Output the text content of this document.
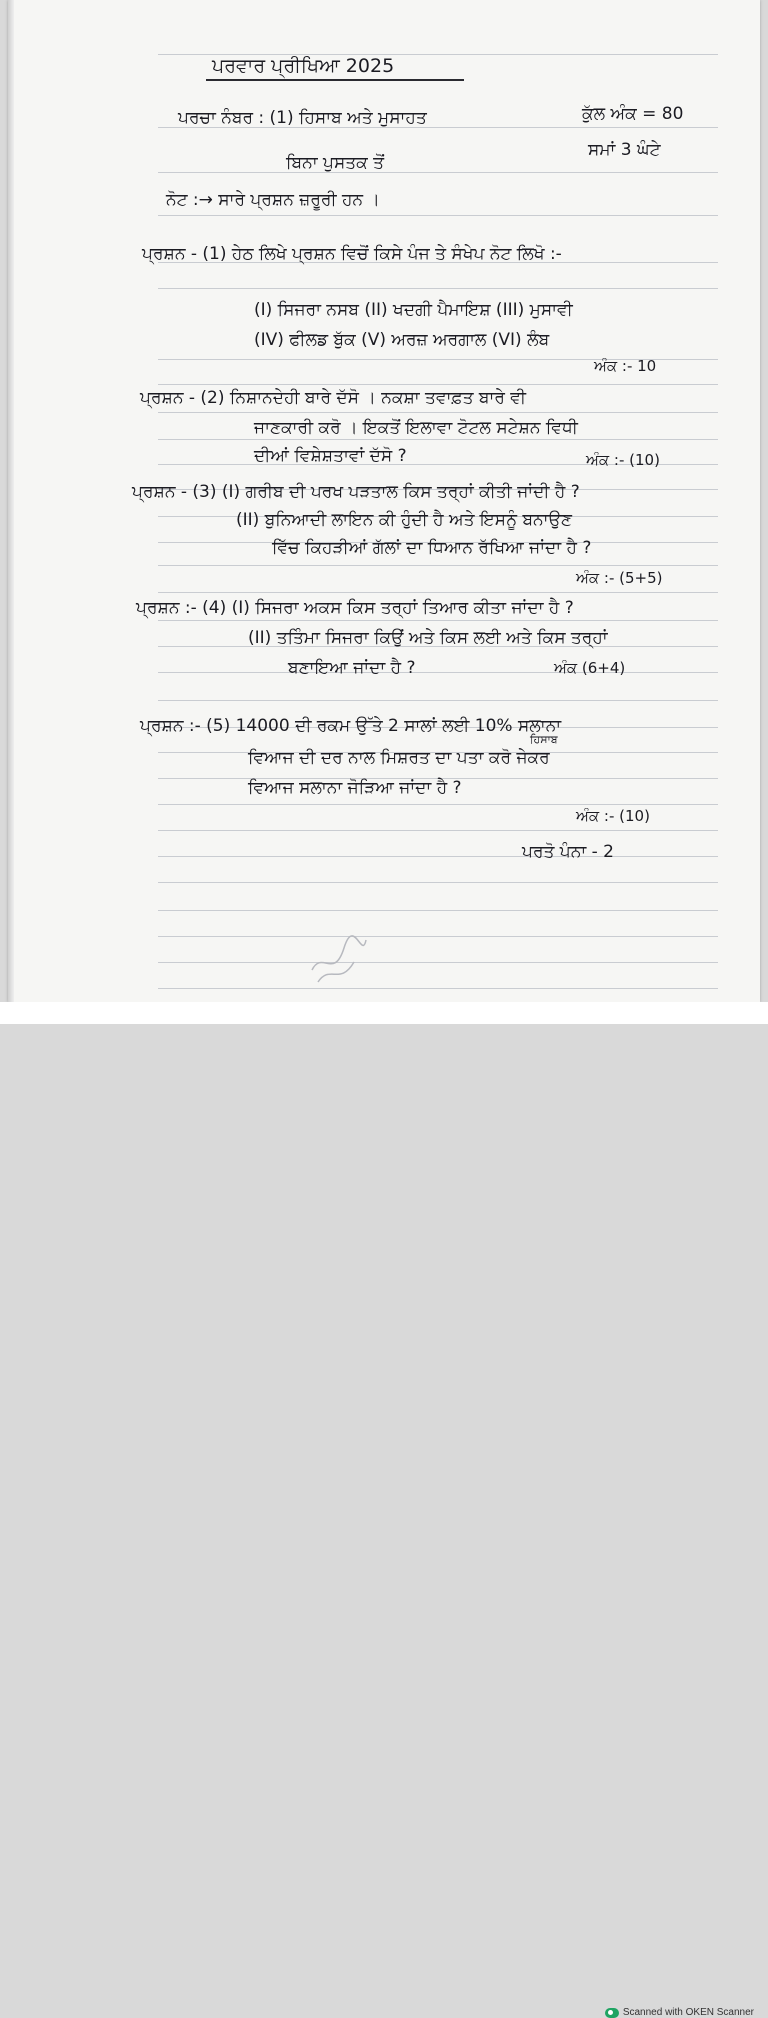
ਪਰਵਾਰ ਪ੍ਰੀਖਿਆ 2025
ਪਰਚਾ ਨੰਬਰ : (1) ਹਿਸਾਬ ਅਤੇ ਮੁਸਾਹਤ	ਕੁੱਲ ਅੰਕ = 80
ਸਮਾਂ 3 ਘੰਟੇ
ਬਿਨਾ ਪੁਸਤਕ ਤੋਂ
ਨੋਟ :→ ਸਾਰੇ ਪ੍ਰਸ਼ਨ ਜ਼ਰੂਰੀ ਹਨ ।
ਪ੍ਰਸ਼ਨ - (1) ਹੇਠ ਲਿਖੇ ਪ੍ਰਸ਼ਨ ਵਿਚੋਂ ਕਿਸੇ ਪੰਜ ਤੇ ਸੰਖੇਪ ਨੋਟ ਲਿਖੋ :-
(I) ਸਿਜਰਾ ਨਸਬ (II) ਖਦਗੀ ਪੈਮਾਇਸ਼ (III) ਮੁਸਾਵੀ
(IV) ਫੀਲਡ ਬੁੱਕ (V) ਅਰਜ਼ ਅਰਗਾਲ (VI) ਲੰਬ
ਅੰਕ :- 10
ਪ੍ਰਸ਼ਨ - (2) ਨਿਸ਼ਾਨਦੇਹੀ ਬਾਰੇ ਦੱਸੋ । ਨਕਸ਼ਾ ਤਵਾਫ਼ਤ ਬਾਰੇ ਵੀ
ਜਾਣਕਾਰੀ ਕਰੋ । ਇਕਤੋਂ ਇਲਾਵਾ ਟੋਟਲ ਸਟੇਸ਼ਨ ਵਿਧੀ
ਦੀਆਂ ਵਿਸ਼ੇਸ਼ਤਾਵਾਂ ਦੱਸੋ ?	ਅੰਕ :- (10)
ਪ੍ਰਸ਼ਨ - (3) (I) ਗਰੀਬ ਦੀ ਪਰਖ ਪੜਤਾਲ ਕਿਸ ਤਰ੍ਹਾਂ ਕੀਤੀ ਜਾਂਦੀ ਹੈ ?
(II) ਬੁਨਿਆਦੀ ਲਾਇਨ ਕੀ ਹੁੰਦੀ ਹੈ ਅਤੇ ਇਸਨੂੰ ਬਨਾਉਣ
ਵਿੱਚ ਕਿਹੜੀਆਂ ਗੱਲਾਂ ਦਾ ਧਿਆਨ ਰੱਖਿਆ ਜਾਂਦਾ ਹੈ ?
ਅੰਕ :- (5+5)
ਪ੍ਰਸ਼ਨ :- (4) (I) ਸਿਜਰਾ ਅਕਸ ਕਿਸ ਤਰ੍ਹਾਂ ਤਿਆਰ ਕੀਤਾ ਜਾਂਦਾ ਹੈ ?
(II) ਤਤਿੰਮਾ ਸਿਜਰਾ ਕਿਉਂ ਅਤੇ ਕਿਸ ਲਈ ਅਤੇ ਕਿਸ ਤਰ੍ਹਾਂ
ਬਣਾਇਆ ਜਾਂਦਾ ਹੈ ?	ਅੰਕ (6+4)
ਪ੍ਰਸ਼ਨ :- (5) 14000 ਦੀ ਰਕਮ ਉੱਤੇ 2 ਸਾਲਾਂ ਲਈ 10% ਸਲਾਨਾ
ਹਿਸਾਬ
ਵਿਆਜ ਦੀ ਦਰ ਨਾਲ ਮਿਸ਼ਰਤ ਦਾ ਪਤਾ ਕਰੋ ਜੇਕਰ
ਵਿਆਜ ਸਲਾਨਾ ਜੋੜਿਆ ਜਾਂਦਾ ਹੈ ?
ਅੰਕ :- (10)
ਪਰਤੋ ਪੰਨਾ - 2
Scanned with OKEN Scanner
